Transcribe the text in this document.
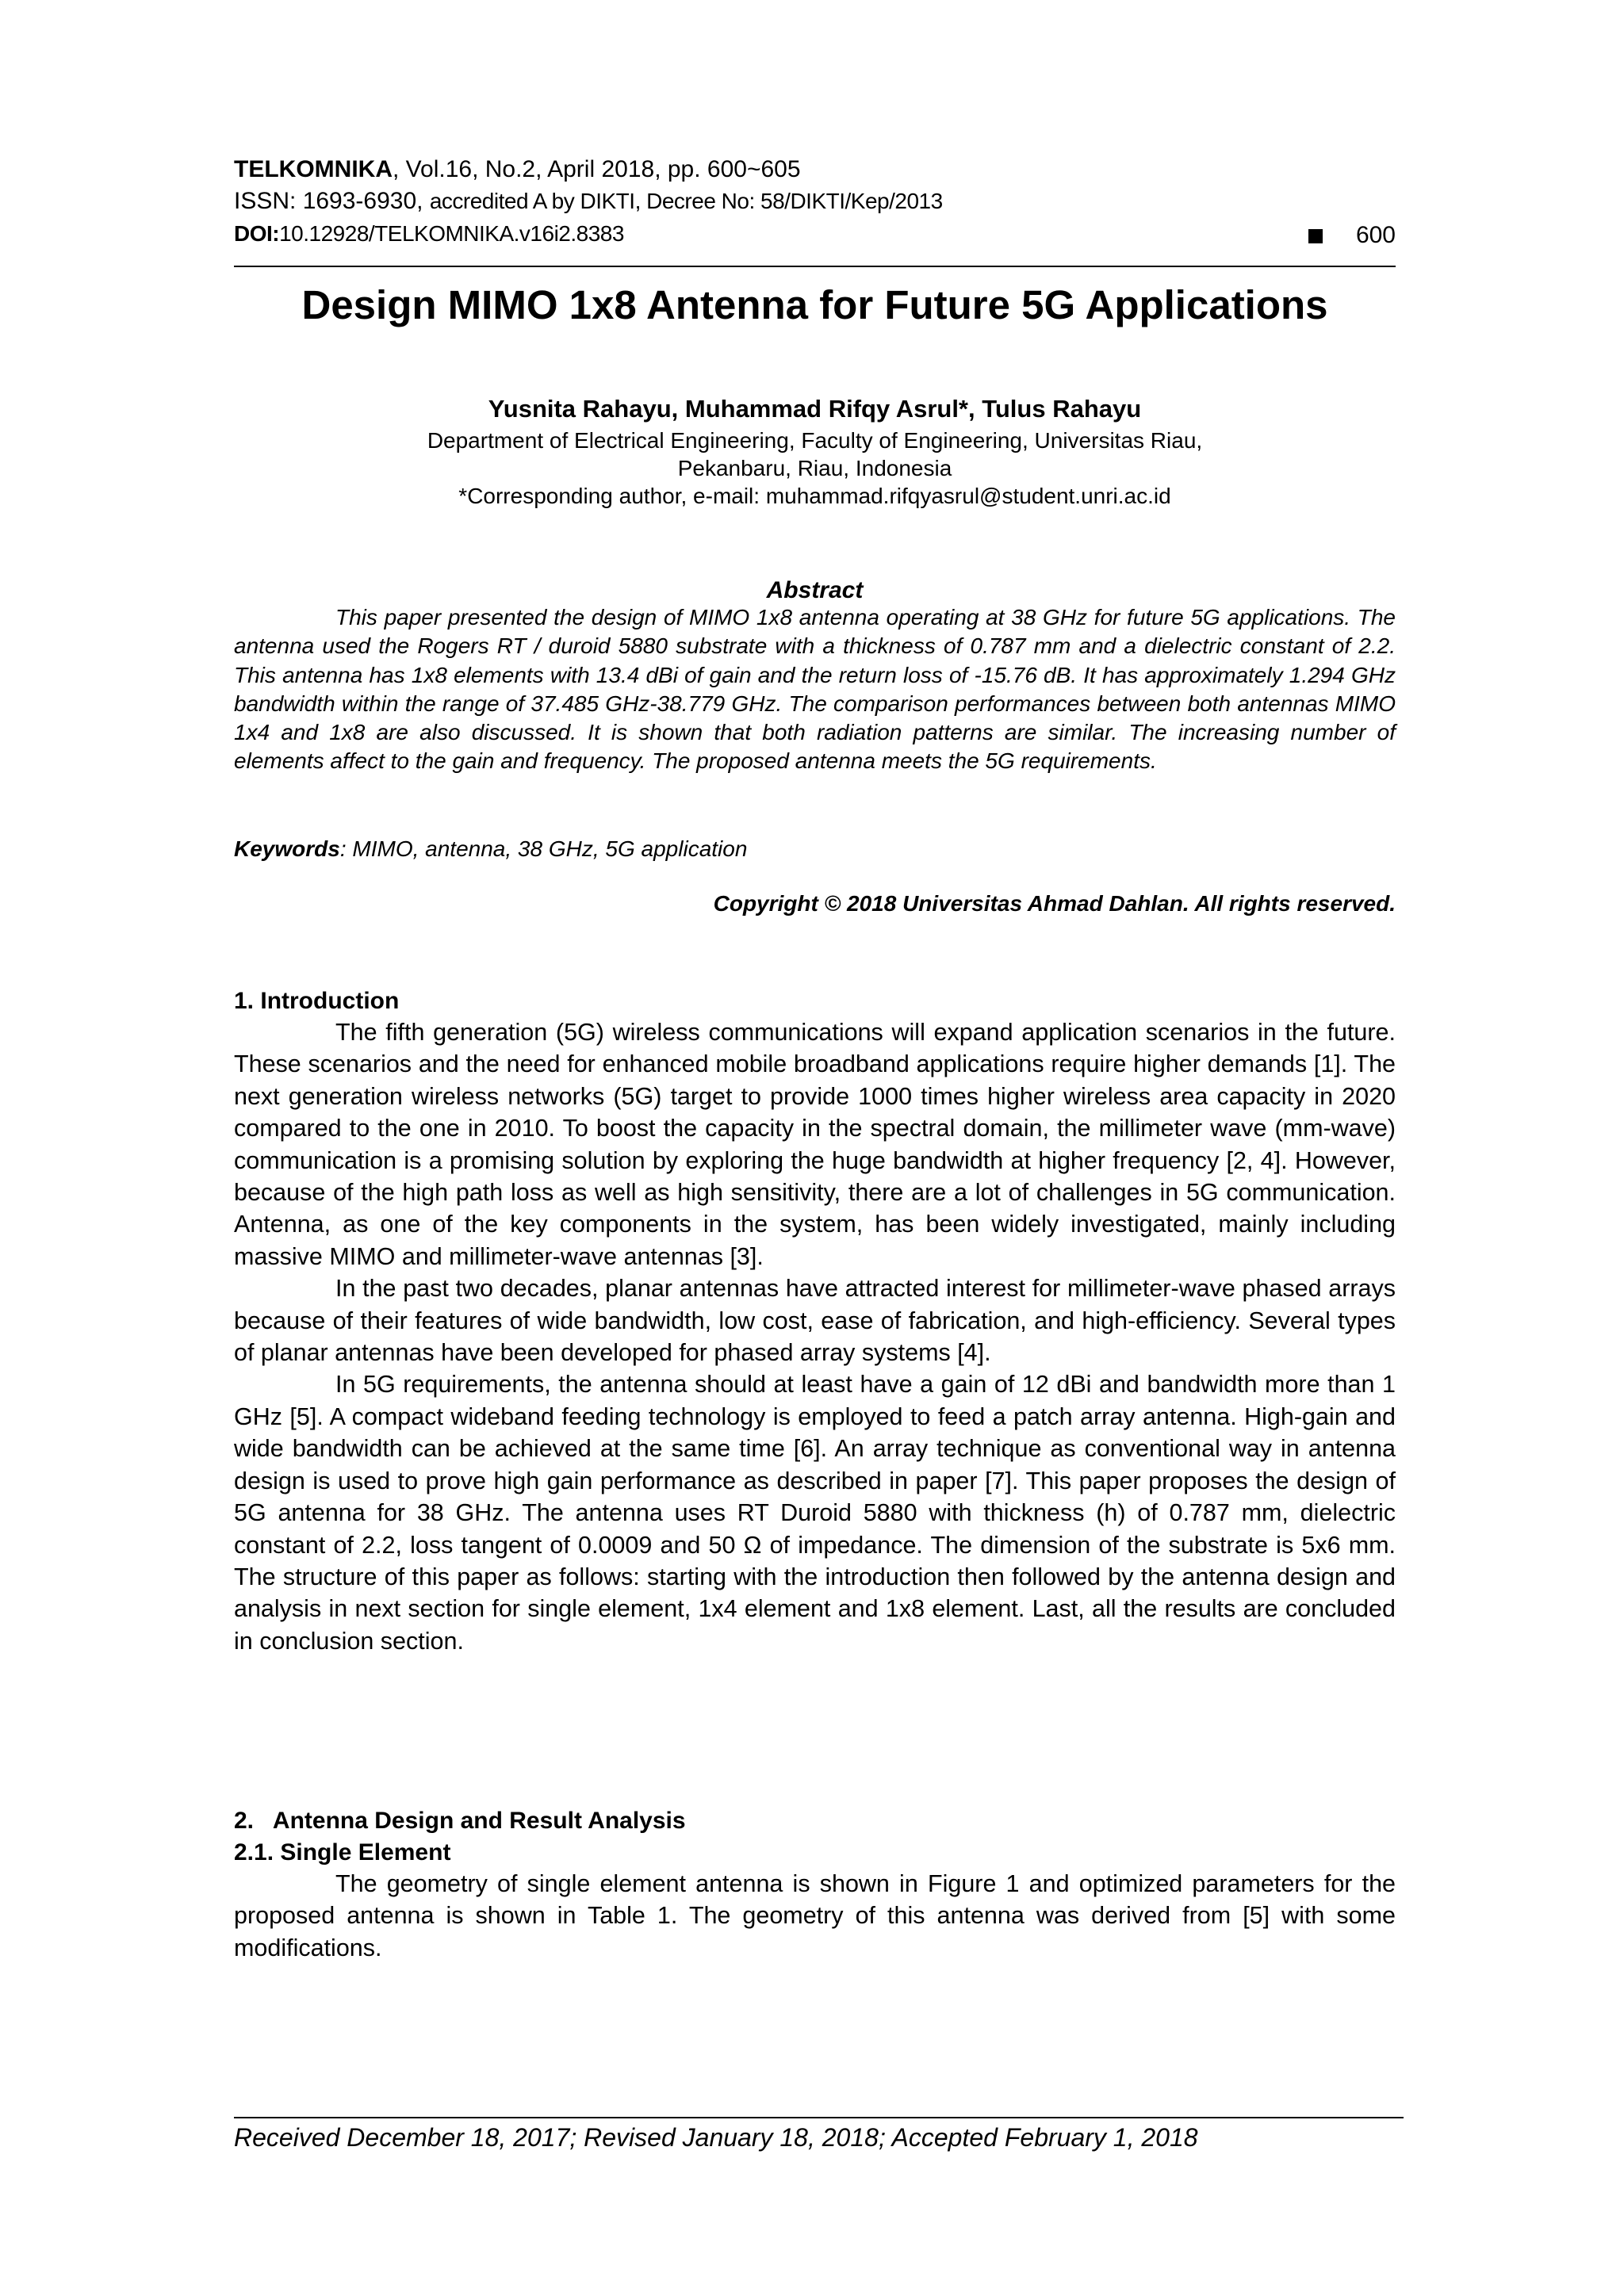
TELKOMNIKA, Vol.16, No.2, April 2018, pp. 600~605
ISSN: 1693-6930, accredited A by DIKTI, Decree No: 58/DIKTI/Kep/2013
DOI:10.12928/TELKOMNIKA.v16i2.8383	600
Design MIMO 1x8 Antenna for Future 5G Applications
Yusnita Rahayu, Muhammad Rifqy Asrul*, Tulus Rahayu
Department of Electrical Engineering, Faculty of Engineering, Universitas Riau,
Pekanbaru, Riau, Indonesia
*Corresponding author, e-mail: muhammad.rifqyasrul@student.unri.ac.id
Abstract

This paper presented the design of MIMO 1x8 antenna operating at 38 GHz for future 5G applications. The antenna used the Rogers RT / duroid 5880 substrate with a thickness of 0.787 mm and a dielectric constant of 2.2. This antenna has 1x8 elements with 13.4 dBi of gain and the return loss of -15.76 dB. It has approximately 1.294 GHz bandwidth within the range of 37.485 GHz-38.779 GHz. The comparison performances between both antennas MIMO 1x4 and 1x8 are also discussed. It is shown that both radiation patterns are similar. The increasing number of elements affect to the gain and frequency. The proposed antenna meets the 5G requirements.

Keywords: MIMO, antenna, 38 GHz, 5G application
Copyright © 2018 Universitas Ahmad Dahlan. All rights reserved.
1. Introduction

The fifth generation (5G) wireless communications will expand application scenarios in the future. These scenarios and the need for enhanced mobile broadband applications require higher demands [1]. The next generation wireless networks (5G) target to provide 1000 times higher wireless area capacity in 2020 compared to the one in 2010. To boost the capacity in the spectral domain, the millimeter wave (mm-wave) communication is a promising solution by exploring the huge bandwidth at higher frequency [2, 4]. However, because of the high path loss as well as high sensitivity, there are a lot of challenges in 5G communication. Antenna, as one of the key components in the system, has been widely investigated, mainly including massive MIMO and millimeter-wave antennas [3].

In the past two decades, planar antennas have attracted interest for millimeter-wave phased arrays because of their features of wide bandwidth, low cost, ease of fabrication, and high-efficiency. Several types of planar antennas have been developed for phased array systems [4].

In 5G requirements, the antenna should at least have a gain of 12 dBi and bandwidth more than 1 GHz [5]. A compact wideband feeding technology is employed to feed a patch array antenna. High-gain and wide bandwidth can be achieved at the same time [6]. An array technique as conventional way in antenna design is used to prove high gain performance as described in paper [7]. This paper proposes the design of 5G antenna for 38 GHz. The antenna uses RT Duroid 5880 with thickness (h) of 0.787 mm, dielectric constant of 2.2, loss tangent of 0.0009 and 50 Ω of impedance. The dimension of the substrate is 5x6 mm. The structure of this paper as follows: starting with the introduction then followed by the antenna design and analysis in next section for single element, 1x4 element and 1x8 element. Last, all the results are concluded in conclusion section.

2.   Antenna Design and Result Analysis
2.1. Single Element

The geometry of single element antenna is shown in Figure 1 and optimized parameters for the proposed antenna is shown in Table 1. The geometry of this antenna was derived from [5] with some modifications.

Received December 18, 2017; Revised January 18, 2018; Accepted February 1, 2018
